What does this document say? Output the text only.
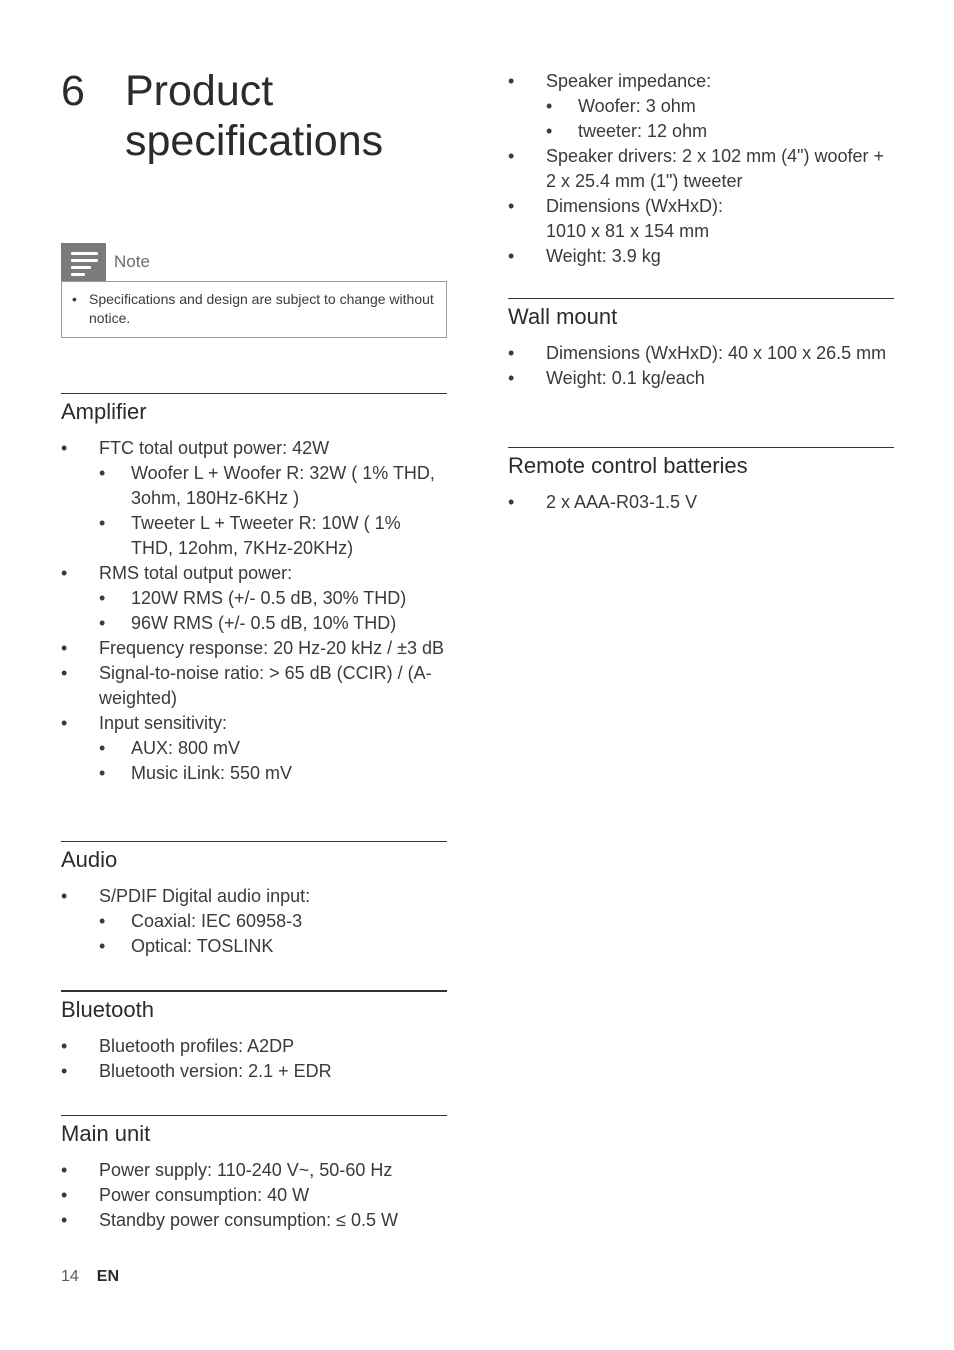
6 Product specifications
Note
• Specifications and design are subject to change without notice.
Amplifier
• FTC total output power: 42W
• Woofer L + Woofer R: 32W ( 1% THD, 3ohm, 180Hz-6KHz )
• Tweeter L + Tweeter R: 10W ( 1% THD, 12ohm, 7KHz-20KHz)
• RMS total output power:
• 120W RMS (+/- 0.5 dB, 30% THD)
• 96W RMS (+/- 0.5 dB, 10% THD)
• Frequency response: 20 Hz-20 kHz / ±3 dB
• Signal-to-noise ratio: > 65 dB (CCIR) / (A-weighted)
• Input sensitivity:
• AUX: 800 mV
• Music iLink: 550 mV
Audio
• S/PDIF Digital audio input:
• Coaxial: IEC 60958-3
• Optical: TOSLINK
Bluetooth
• Bluetooth profiles: A2DP
• Bluetooth version: 2.1 + EDR
Main unit
• Power supply: 110-240 V~, 50-60 Hz
• Power consumption: 40 W
• Standby power consumption: ≤ 0.5 W
• Speaker impedance:
• Woofer: 3 ohm
• tweeter: 12 ohm
• Speaker drivers: 2 x 102 mm (4") woofer + 2 x 25.4 mm (1") tweeter
• Dimensions (WxHxD): 1010 x 81 x 154 mm
• Weight: 3.9 kg
Wall mount
• Dimensions (WxHxD): 40 x 100 x 26.5 mm
• Weight: 0.1 kg/each
Remote control batteries
• 2 x AAA-R03-1.5 V
14 EN
